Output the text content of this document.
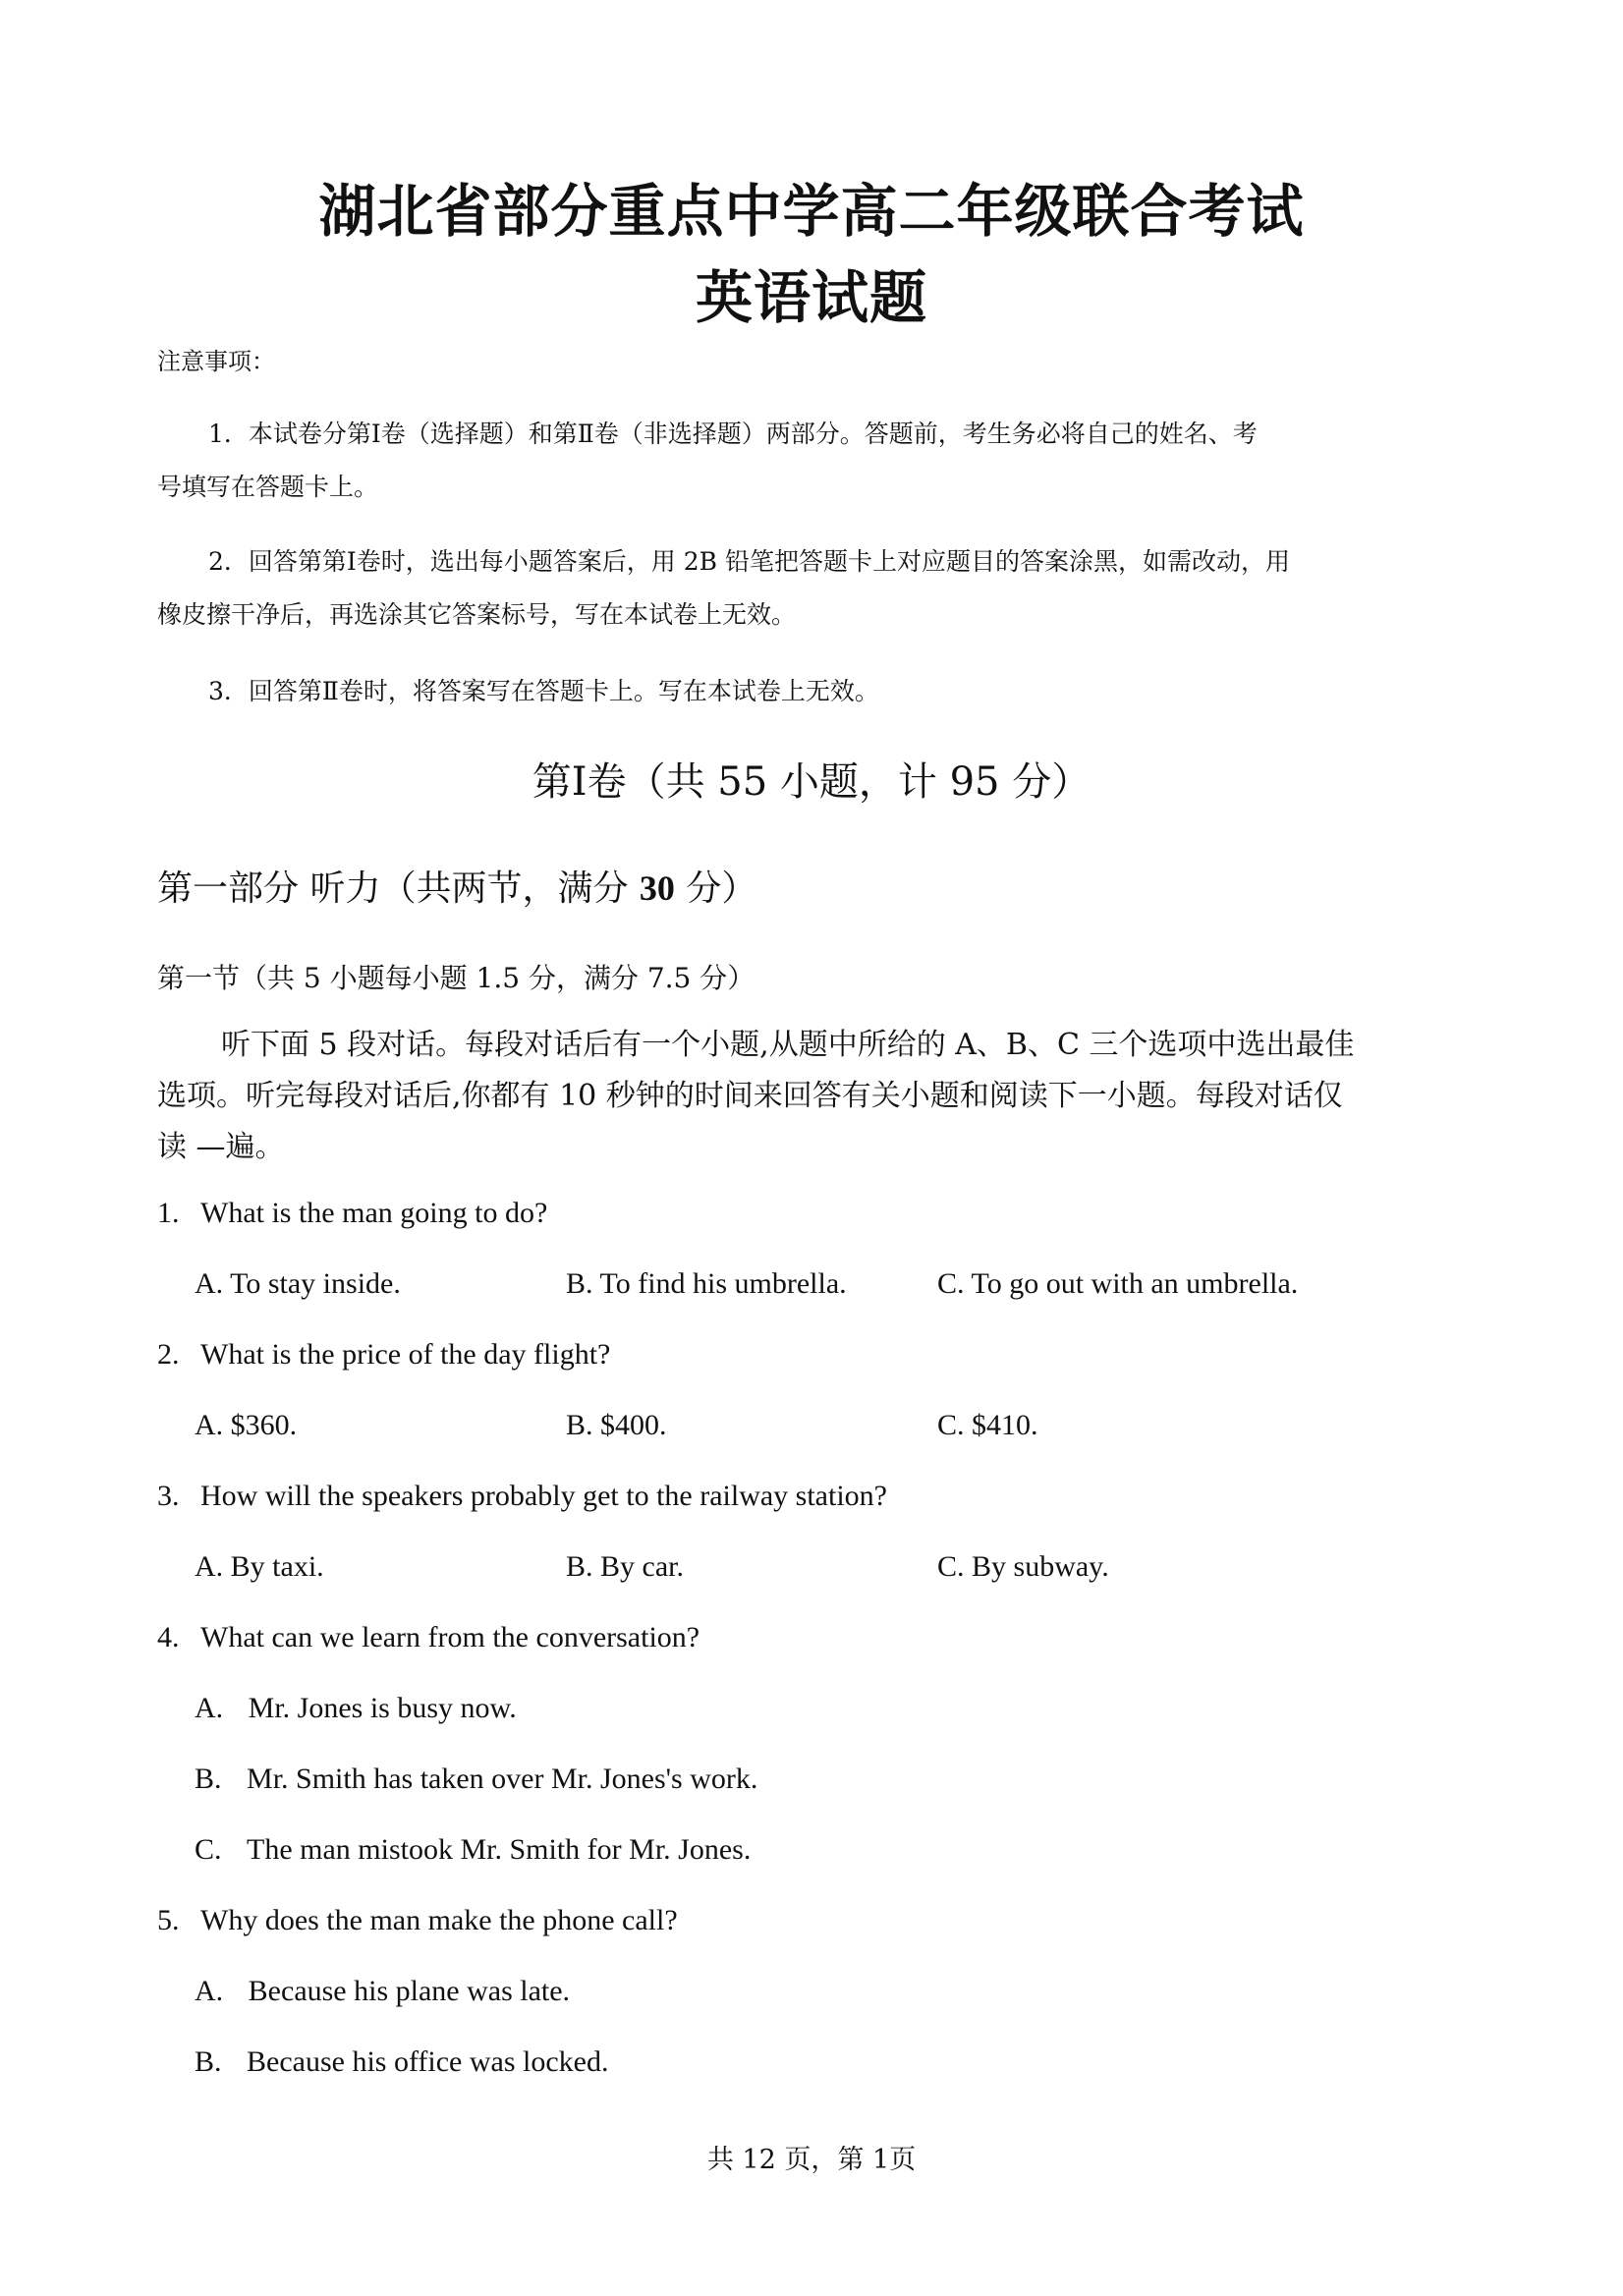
湖北省部分重点中学高二年级联合考试
英语试题
注意事项：
1．本试卷分第Ⅰ卷（选择题）和第Ⅱ卷（非选择题）两部分。答题前，考生务必将自己的姓名、考
号填写在答题卡上。
2．回答第第Ⅰ卷时，选出每小题答案后，用 2B 铅笔把答题卡上对应题目的答案涂黑，如需改动，用
橡皮擦干净后，再选涂其它答案标号，写在本试卷上无效。
3．回答第Ⅱ卷时，将答案写在答题卡上。写在本试卷上无效。
第Ⅰ卷（共 55 小题，计 95 分）
第一部分 听力（共两节，满分 30 分）
第一节（共 5 小题每小题 1.5 分，满分 7.5 分）
听下面 5 段对话。每段对话后有一个小题,从题中所给的 A、B、C 三个选项中选出最佳
选项。听完每段对话后,你都有 10 秒钟的时间来回答有关小题和阅读下一小题。每段对话仅
读 —遍。
1. What is the man going to do?
A. To stay inside.	B. To find his umbrella.	C. To go out with an umbrella.
2. What is the price of the day flight?
A. $360.	B. $400.	C. $410.
3. How will the speakers probably get to the railway station?
A. By taxi.	B. By car.	C. By subway.
4. What can we learn from the conversation?
A. Mr. Jones is busy now.
B. Mr. Smith has taken over Mr. Jones's work.
C. The man mistook Mr. Smith for Mr. Jones.
5. Why does the man make the phone call?
A. Because his plane was late.
B. Because his office was locked.
共 12 页，第 1页
